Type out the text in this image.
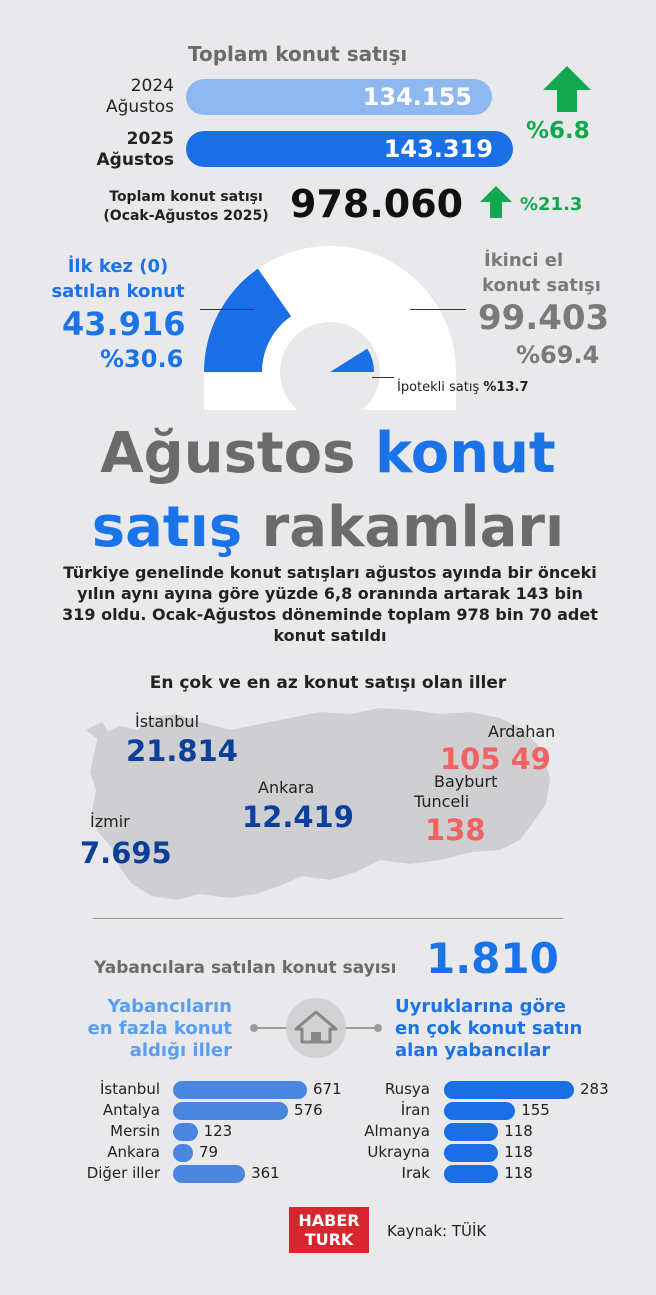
Toplam konut satışı
2024
Ağustos	134.155
2025
Ağustos	143.319
%6.8
Toplam konut satışı
(Ocak-Ağustos 2025) 978.060	%21.3
İlk kez (0)
satılan konut
43.916
%30.6
İkinci el
konut satışı
99.403
%69.4
İpotekli satış %13.7
Ağustos konut
satış rakamları
Türkiye genelinde konut satışları ağustos ayında bir önceki yılın aynı ayına göre yüzde 6,8 oranında artarak 143 bin 319 oldu. Ocak-Ağustos döneminde toplam 978 bin 70 adet konut satıldı
En çok ve en az konut satışı olan iller
İstanbul
21.814
Ankara
12.419
İzmir
7.695
Ardahan
105 49
Bayburt
Tunceli
138
Yabancılara satılan konut sayısı 1.810
Yabancıların
en fazla konut
aldığı iller
Uyruklarına göre
en çok konut satın
alan yabancılar
İstanbul	671
Antalya	576
Mersin	123
Ankara	79
Diğer iller	361
Rusya	283
İran	155
Almanya	118
Ukrayna	118
Irak	118
HABER
TURK	Kaynak: TÜİK
